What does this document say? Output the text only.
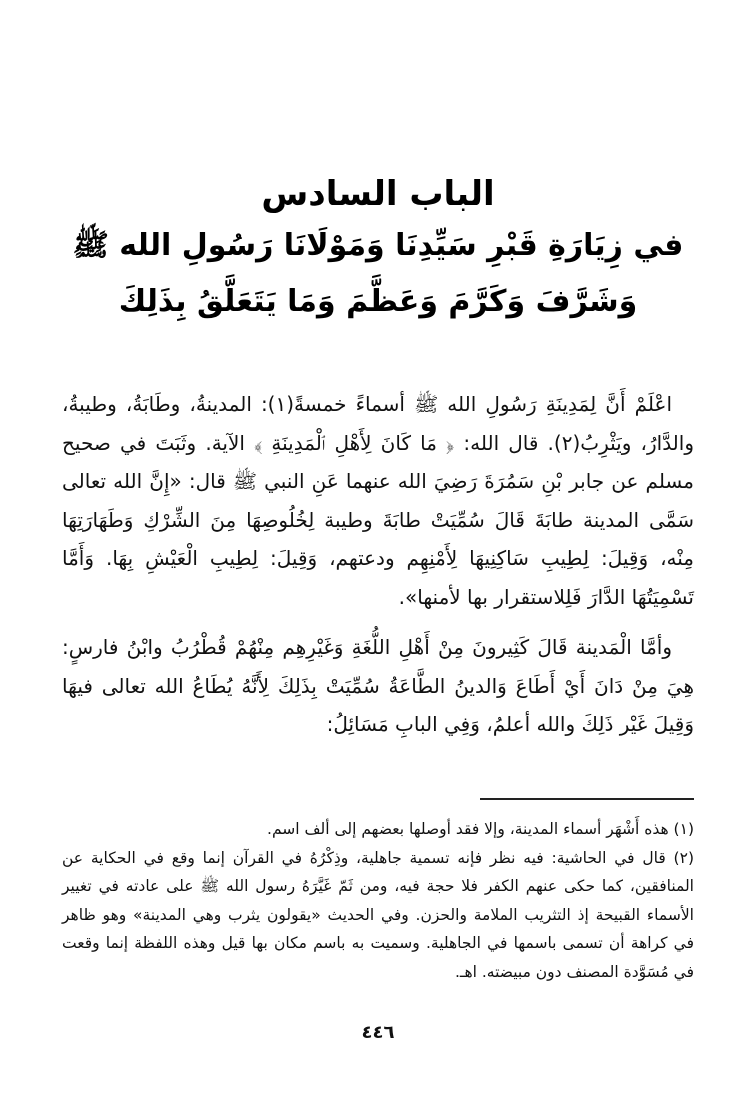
الباب السادس
في زِيَارَةِ قَبْرِ سَيِّدِنَا وَمَوْلَانَا رَسُولِ الله ﷺ
وَشَرَّفَ وَكَرَّمَ وَعَظَّمَ وَمَا يَتَعَلَّقُ بِذَلِكَ

اعْلَمْ أَنَّ لِمَدِينَةِ رَسُولِ الله ﷺ أسماءً خمسةً(١): المدينةُ، وطَابَةُ، وطيبةُ، والدَّارُ، ويَثْرِبُ(٢). قال الله: ﴿ مَا كَانَ لِأَهْلِ ٱلْمَدِينَةِ ﴾ الآية. وثَبَتَ في صحيح مسلم عن جابر بْنِ سَمُرَةَ رَضِيَ الله عنهما عَنِ النبي ﷺ قال: «إِنَّ الله تعالى سَمَّى المدينة طابَةَ قَالَ سُمِّيَتْ طابَةَ وطيبة لِخُلُوصِهَا مِنَ الشِّرْكِ وَطَهَارَتِهَا مِنْه، وَقِيلَ: لِطِيبِ سَاكِنِيهَا لِأَمْنِهِم ودعتهم، وَقِيلَ: لِطِيبِ الْعَيْشِ بِهَا. وَأَمَّا تَسْمِيَتُهَا الدَّارَ فَلِلاستقرار بها لأمنها».

وأمَّا الْمَدينة قَالَ كَثِيرونَ مِنْ أَهْلِ اللُّغَةِ وَغَيْرِهِم مِنْهُمْ قُطْرُبُ وابْنُ فارسٍ: هِيَ مِنْ دَانَ أَيْ أَطَاعَ وَالدينُ الطَّاعَةُ سُمِّيَتْ بِذَلِكَ لِأَنَّهُ يُطَاعُ الله تعالى فيهَا وَقِيلَ غَيْر ذَلِكَ والله أعلمُ، وَفِي البابِ مَسَائِلُ:

(١) هذه أَشْهَر أسماء المدينة، وإلا فقد أوصلها بعضهم إلى ألف اسم.

(٢) قال في الحاشية: فيه نظر فإنه تسمية جاهلية، وذِكْرُهُ في القرآن إنما وقع في الحكاية عن المنافقين، كما حكى عنهم الكفر فلا حجة فيه، ومن ثَمّ غَيَّرَهُ رسول الله ﷺ على عادته في تغيير الأسماء القبيحة إذ التثريب الملامة والحزن. وفي الحديث «يقولون يثرب وهي المدينة» وهو ظاهر في كراهة أن تسمى باسمها في الجاهلية. وسميت به باسم مكان بها قيل وهذه اللفظة إنما وقعت في مُسَوَّدة المصنف دون مبيضته. اهـ.

٤٤٦
